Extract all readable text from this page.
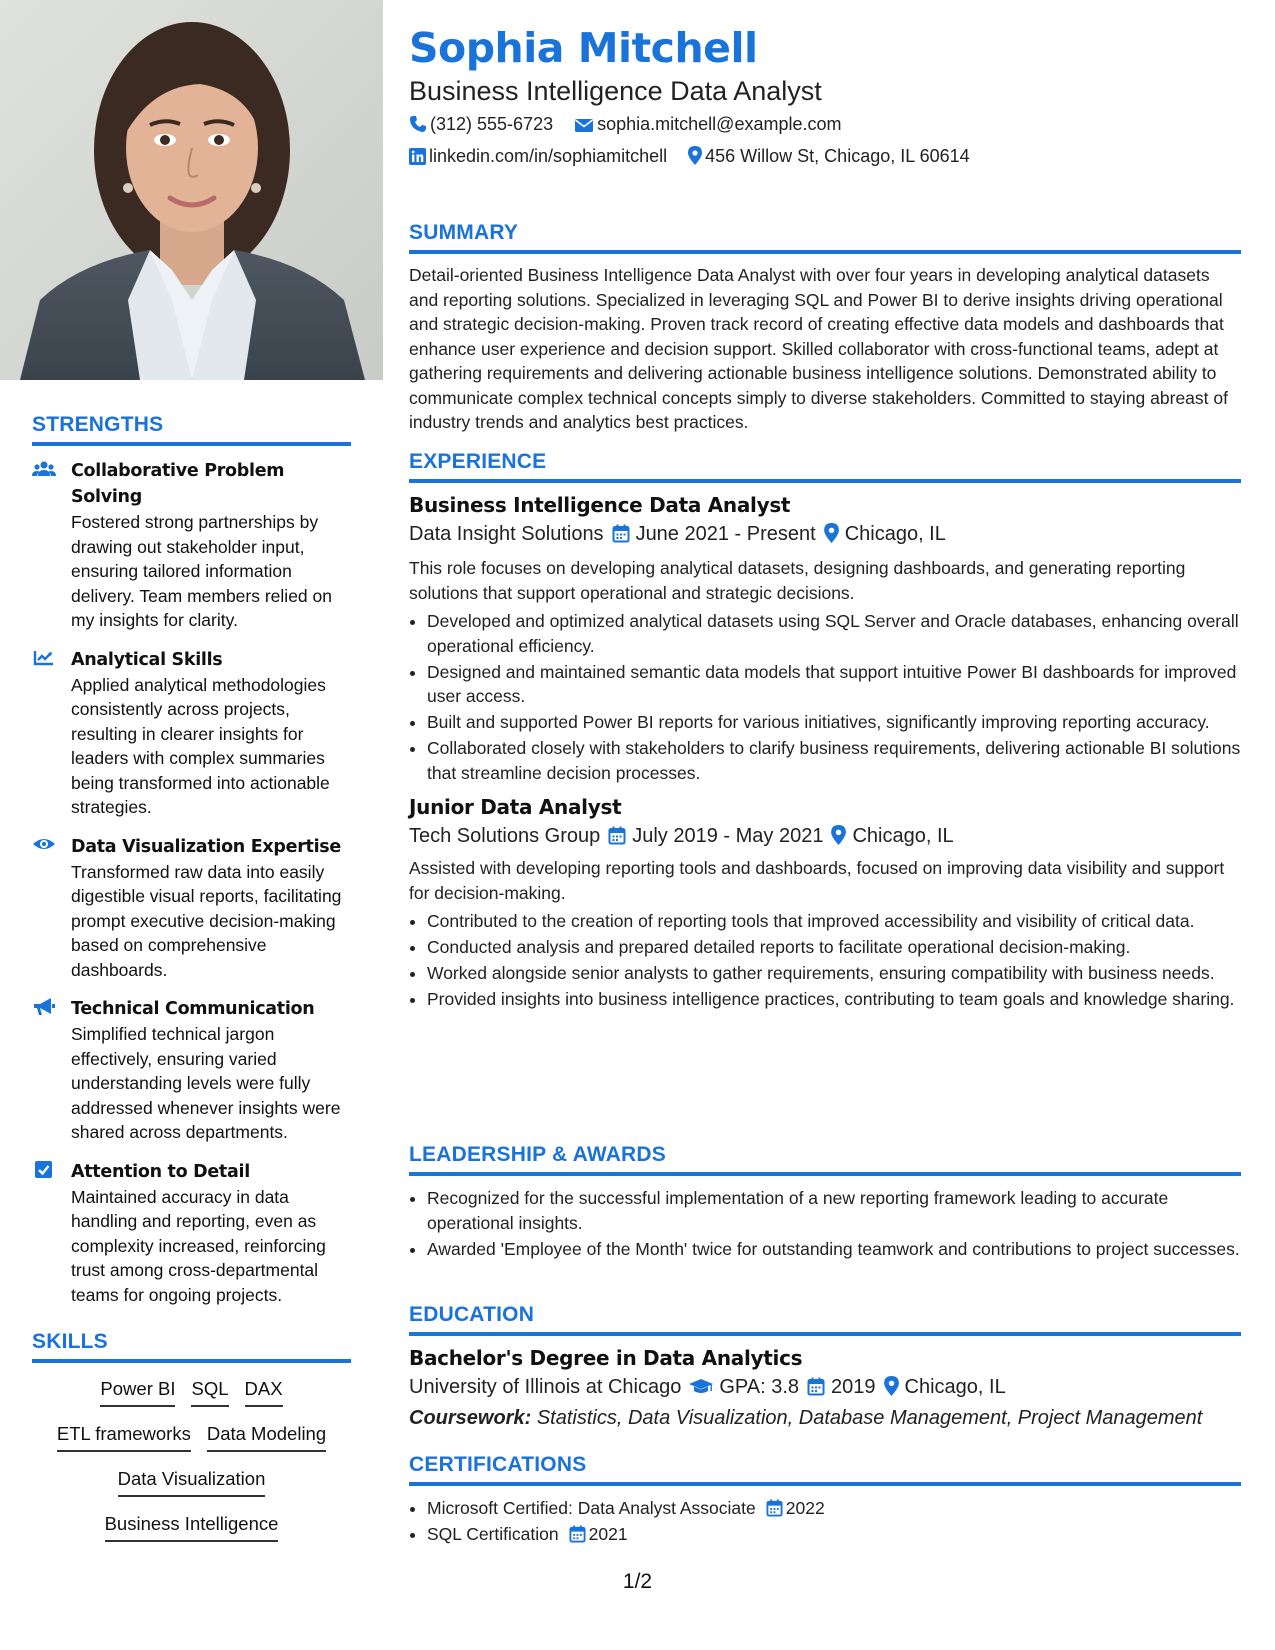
STRENGTHS
Collaborative Problem Solving
Fostered strong partnerships by drawing out stakeholder input, ensuring tailored information delivery. Team members relied on my insights for clarity.
Analytical Skills
Applied analytical methodologies consistently across projects, resulting in clearer insights for leaders with complex summaries being transformed into actionable strategies.
Data Visualization Expertise
Transformed raw data into easily digestible visual reports, facilitating prompt executive decision-making based on comprehensive dashboards.
Technical Communication
Simplified technical jargon effectively, ensuring varied understanding levels were fully addressed whenever insights were shared across departments.
Attention to Detail
Maintained accuracy in data handling and reporting, even as complexity increased, reinforcing trust among cross-departmental teams for ongoing projects.
SKILLS
Power BI SQL DAX
ETL frameworks Data Modeling
Data Visualization
Business Intelligence
Sophia Mitchell
Business Intelligence Data Analyst
(312) 555-6723 sophia.mitchell@example.com
linkedin.com/in/sophiamitchell 456 Willow St, Chicago, IL 60614
SUMMARY
Detail-oriented Business Intelligence Data Analyst with over four years in developing analytical datasets and reporting solutions. Specialized in leveraging SQL and Power BI to derive insights driving operational and strategic decision-making. Proven track record of creating effective data models and dashboards that enhance user experience and decision support. Skilled collaborator with cross-functional teams, adept at gathering requirements and delivering actionable business intelligence solutions. Demonstrated ability to communicate complex technical concepts simply to diverse stakeholders. Committed to staying abreast of industry trends and analytics best practices.
EXPERIENCE
Business Intelligence Data Analyst
Data Insight Solutions June 2021 - Present Chicago, IL
This role focuses on developing analytical datasets, designing dashboards, and generating reporting solutions that support operational and strategic decisions.
• Developed and optimized analytical datasets using SQL Server and Oracle databases, enhancing overall operational efficiency.
• Designed and maintained semantic data models that support intuitive Power BI dashboards for improved user access.
• Built and supported Power BI reports for various initiatives, significantly improving reporting accuracy.
• Collaborated closely with stakeholders to clarify business requirements, delivering actionable BI solutions that streamline decision processes.
Junior Data Analyst
Tech Solutions Group July 2019 - May 2021 Chicago, IL
Assisted with developing reporting tools and dashboards, focused on improving data visibility and support for decision-making.
• Contributed to the creation of reporting tools that improved accessibility and visibility of critical data.
• Conducted analysis and prepared detailed reports to facilitate operational decision-making.
• Worked alongside senior analysts to gather requirements, ensuring compatibility with business needs.
• Provided insights into business intelligence practices, contributing to team goals and knowledge sharing.
LEADERSHIP & AWARDS
• Recognized for the successful implementation of a new reporting framework leading to accurate operational insights.
• Awarded 'Employee of the Month' twice for outstanding teamwork and contributions to project successes.
EDUCATION
Bachelor's Degree in Data Analytics
University of Illinois at Chicago GPA: 3.8 2019 Chicago, IL
Coursework: Statistics, Data Visualization, Database Management, Project Management
CERTIFICATIONS
• Microsoft Certified: Data Analyst Associate 2022
• SQL Certification 2021
1/2
